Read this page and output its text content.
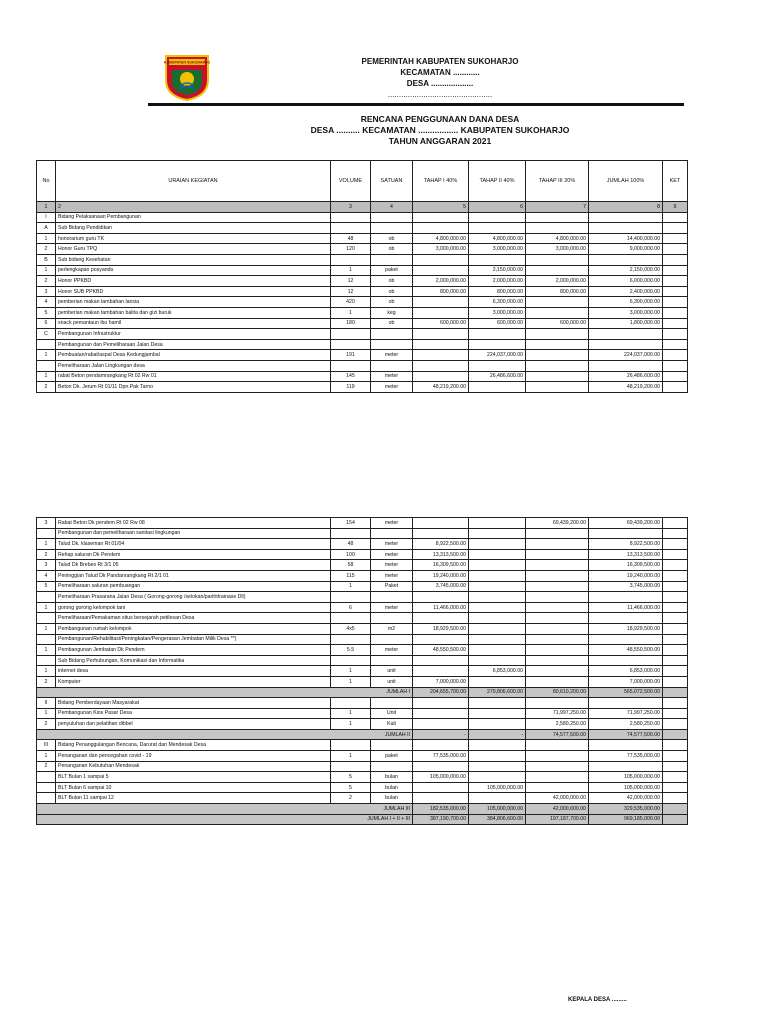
KABUPATEN SUKOHARJO	PEMERINTAH KABUPATEN SUKOHARJO
KECAMATAN ............
DESA ...................
...............................................
RENCANA PENGGUNAAN DANA DESA
DESA .......... KECAMATAN ................. KABUPATEN SUKOHARJO
TAHUN ANGGARAN 2021
No	URAIAN KEGIATAN	VOLUME	SATUAN	TAHAP I 40%	TAHAP II 40%	TAHAP III 20%	JUMLAH 100%	KET
1	2	3	4	5	6	7	8	9
I	Bidang Pelaksanaan Pembangunan							
A	Sub Bidang Pendidikan							
1	honorarium guru TK	48	ob	4,800,000.00	4,800,000.00	4,800,000.00	14,400,000.00	
2	Honor Guru TPQ	120	ob	3,000,000.00	3,000,000.00	3,000,000.00	9,000,000.00	
B	Sub bidang Kesehatan							
1	perlengkapan posyandu	1	paket		2,150,000.00		2,150,000.00	
2	Honor PPKBD	12	ob	2,000,000.00	2,000,000.00	2,000,000.00	6,000,000.00	
3	Honor SUB PPKBD	12	ob	800,000.00	800,000.00	800,000.00	2,400,000.00	
4	pemberian makan tambahan lansia	420	ob		6,300,000.00		6,300,000.00	
5	pemberian makan tambahan balita dan gizi buruk	1	keg		3,000,000.00		3,000,000.00	
6	snack pemantaun ibu hamil	180	ob	600,000.00	600,000.00	600,000.00	1,800,000.00	
C	Pembangunan Infrastruktur							
	Pembangunan dan Pemeliharaan Jalan Desa							
1	Pembuatan/rabat/aspal Desa Kedungjambal	191	meter		224,037,000.00		224,037,000.00	
	Pemeliharaan Jalan Lingkungan desa							
1	rabat Beton pendamrangkang Rt 02 Rw 01	145	meter		26,486,600.00		26,486,600.00	
2	Beton Dk. Jerum Rt 01/11 Dpn.Pak Tarno	119	meter	48,219,200.00			48,219,200.00	
3	Rabat Beton Dk pendem Rt 02 Rw 08	154	meter			69,439,200.00	69,439,200.00	
	Pembangunan dan pemeliharaan sanitasi lingkungan							
1	Talud Dk. klaseman Rt 01/04	48	meter	8,922,500.00			8,922,500.00	
2	Rehap saluran Dk Pendem	100	meter	13,313,500.00			13,313,500.00	
3	Talud Dk Brebes Rt 3/1 05	58	meter	16,309,500.00			16,309,500.00	
4	Peninggian Talud Dk Pandanrangkang Rt 2/1 01	115	meter	19,240,000.00			19,240,000.00	
5	Pemeliharaan saluran pembuangan	1	Paket	3,745,000.00			3,745,000.00	
	Pemeliharaan Prasarana Jalan Desa ( Gorong-gorong /selokan/parit/drainase Dll)							
1	gorong gorong kelompok tani	6	meter	11,466,000.00			11,466,000.00	
	Pemeliharaan/Pemakaman situs bersejarah petilesan Desa							
1	Pembangunan rumah kelompok	4x5	m2	18,929,500.00			18,929,500.00	
	Pembangunan/Rehabilitasi/Peningkatan/Pengerasan Jembatan Milik Desa **)							
1	Pembangunan Jembatan Dk Pendem	5.5	meter	48,550,500.00			48,550,500.00	
	Sub Bidang Perhubungan, Komunikasi dan Informatika							
1	internet desa	1	unit		6,853,000.00		6,853,000.00	
2	Komputer	1	unit	7,000,000.00			7,000,000.00	
JUMLAH I				204,655,700.00	279,806,600.00	80,610,200.00	565,072,500.00	
II	Bidang Pemberdayaan Masyarakat							
1	Pembangunan Kios Pasar Desa	1	Unit			71,997,250.00	71,997,250.00	
2	penyuluhan dan pelatihan dibbel	1	Kali			2,580,250.00	2,580,250.00	
JUMLAH II				-	-	74,577,500.00	74,577,500.00	
III	Bidang Penanggulangan Bencana, Darurat dan Mendesak Desa							
1	Penanganan dan pencegahan covid - 19	1	paket	77,535,000.00			77,535,000.00	
2	Penanganan Kebutuhan Mendesak							
	BLT Bulan 1 sampai 5	5	bulan	105,000,000.00			105,000,000.00	
	BLT Bulan 6 sampai 10	5	bulan		105,000,000.00		105,000,000.00	
	BLT Bulan 11 sampai 12	2	bulan			42,000,000.00	42,000,000.00	
JUMLAH III				182,535,000.00	105,000,000.00	42,000,000.00	329,535,000.00	
JUMLAH I + II + III				387,190,700.00	384,806,600.00	197,187,700.00	969,185,000.00	
KEPALA DESA .........
